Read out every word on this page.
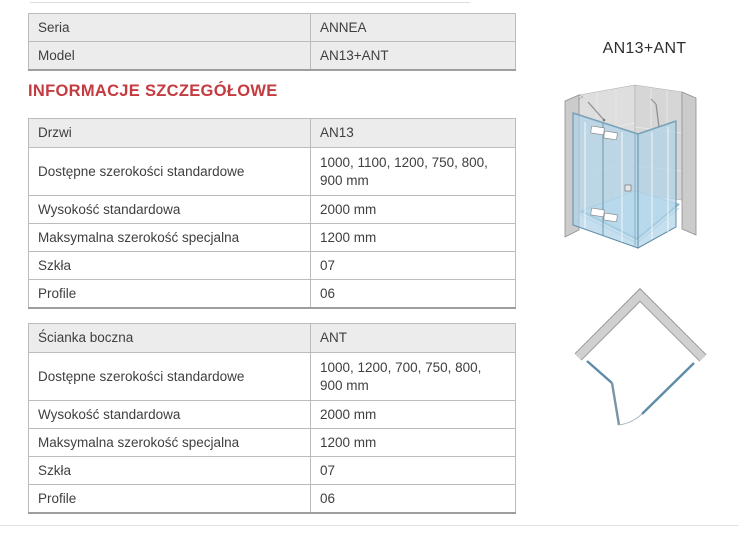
Seria	ANNEA
Model	AN13+ANT
INFORMACJE SZCZEGÓŁOWE
Drzwi	AN13
Dostępne szerokości standardowe	1000, 1100, 1200, 750, 800, 900 mm
Wysokość standardowa	2000 mm
Maksymalna szerokość specjalna	1200 mm
Szkła	07
Profile	06
Ścianka boczna	ANT
Dostępne szerokości standardowe	1000, 1200, 700, 750, 800, 900 mm
Wysokość standardowa	2000 mm
Maksymalna szerokość specjalna	1200 mm
Szkła	07
Profile	06
AN13+ANT
